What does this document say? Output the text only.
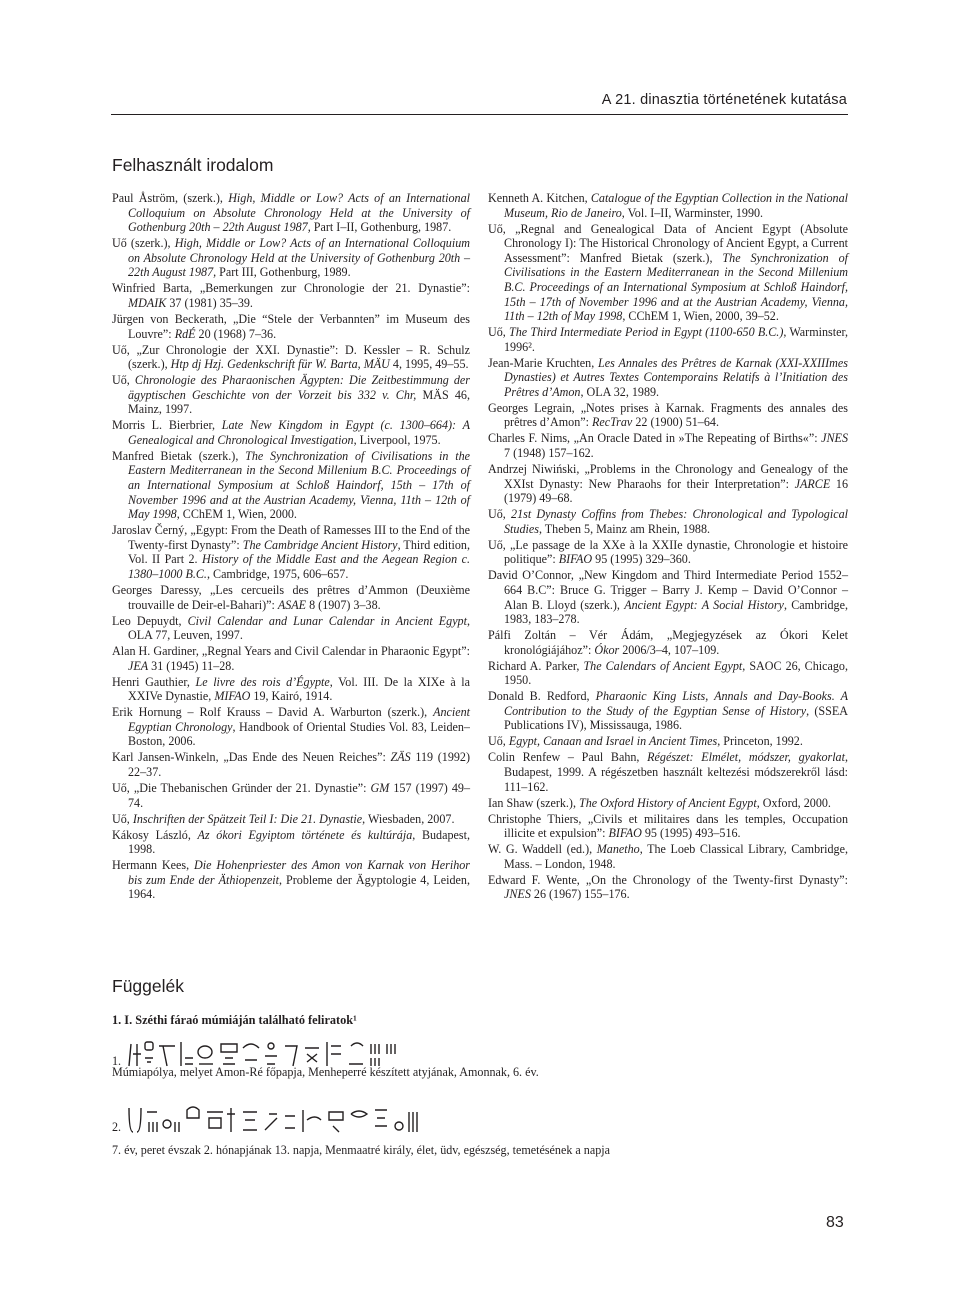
A 21. dinasztia történetének kutatása
Felhasznált irodalom

Paul Åström, (szerk.), High, Middle or Low? Acts of an International Colloquium on Absolute Chronology Held at the University of Gothenburg 20th – 22th August 1987, Part I–II, Gothenburg, 1987.

Uő (szerk.), High, Middle or Low? Acts of an International Colloquium on Absolute Chronology Held at the University of Gothenburg 20th – 22th August 1987, Part III, Gothenburg, 1989.

Winfried Barta, „Bemerkungen zur Chronologie der 21. Dynastie”: MDAIK 37 (1981) 35–39.

Jürgen von Beckerath, „Die “Stele der Verbannten” im Museum des Louvre”: RdÉ 20 (1968) 7–36.

Uő, „Zur Chronologie der XXI. Dynastie”: D. Kessler – R. Schulz (szerk.), Htp dj Hzj. Gedenkschrift für W. Barta, MÄU 4, 1995, 49–55.

Uő, Chronologie des Pharaonischen Ägypten: Die Zeitbestimmung der ägyptischen Geschichte von der Vorzeit bis 332 v. Chr, MÄS 46, Mainz, 1997.

Morris L. Bierbrier, Late New Kingdom in Egypt (c. 1300–664): A Genealogical and Chronological Investigation, Liverpool, 1975.

Manfred Bietak (szerk.), The Synchronization of Civilisations in the Eastern Mediterranean in the Second Millenium B.C. Proceedings of an International Symposium at Schloß Haindorf, 15th – 17th of November 1996 and at the Austrian Academy, Vienna, 11th – 12th of May 1998, CChEM 1, Wien, 2000.

Jaroslav Černý, „Egypt: From the Death of Ramesses III to the End of the Twenty-first Dynasty”: The Cambridge Ancient History, Third edition, Vol. II Part 2. History of the Middle East and the Aegean Region c. 1380–1000 B.C., Cambridge, 1975, 606–657.

Georges Daressy, „Les cercueils des prêtres d’Ammon (Deuxième trouvaille de Deir-el-Bahari)”: ASAE 8 (1907) 3–38.

Leo Depuydt, Civil Calendar and Lunar Calendar in Ancient Egypt, OLA 77, Leuven, 1997.

Alan H. Gardiner, „Regnal Years and Civil Calendar in Pharaonic Egypt”: JEA 31 (1945) 11–28.

Henri Gauthier, Le livre des rois d’Égypte, Vol. III. De la XIXe à la XXIVe Dynastie, MIFAO 19, Kairó, 1914.

Erik Hornung – Rolf Krauss – David A. Warburton (szerk.), Ancient Egyptian Chronology, Handbook of Oriental Studies Vol. 83, Leiden–Boston, 2006.

Karl Jansen-Winkeln, „Das Ende des Neuen Reiches”: ZÄS 119 (1992) 22–37.

Uő, „Die Thebanischen Gründer der 21. Dynastie”: GM 157 (1997) 49–74.

Uő, Inschriften der Spätzeit Teil I: Die 21. Dynastie, Wiesbaden, 2007.

Kákosy László, Az ókori Egyiptom története és kultúrája, Budapest, 1998.

Hermann Kees, Die Hohenpriester des Amon von Karnak von Herihor bis zum Ende der Äthiopenzeit, Probleme der Ägyptologie 4, Leiden, 1964.

Kenneth A. Kitchen, Catalogue of the Egyptian Collection in the National Museum, Rio de Janeiro, Vol. I–II, Warminster, 1990.

Uő, „Regnal and Genealogical Data of Ancient Egypt (Absolute Chronology I): The Historical Chronology of Ancient Egypt, a Current Assessment”: Manfred Bietak (szerk.), The Synchronization of Civilisations in the Eastern Mediterranean in the Second Millenium B.C. Proceedings of an International Symposium at Schloß Haindorf, 15th – 17th of November 1996 and at the Austrian Academy, Vienna, 11th – 12th of May 1998, CChEM 1, Wien, 2000, 39–52.

Uő, The Third Intermediate Period in Egypt (1100-650 B.C.), Warminster, 1996².

Jean-Marie Kruchten, Les Annales des Prêtres de Karnak (XXI-XXIIImes Dynasties) et Autres Textes Contemporains Relatifs à l’Initiation des Prêtres d’Amon, OLA 32, 1989.

Georges Legrain, „Notes prises à Karnak. Fragments des annales des prêtres d’Amon”: RecTrav 22 (1900) 51–64.

Charles F. Nims, „An Oracle Dated in »The Repeating of Births«”: JNES 7 (1948) 157–162.

Andrzej Niwiński, „Problems in the Chronology and Genealogy of the XXIst Dynasty: New Pharaohs for their Interpretation”: JARCE 16 (1979) 49–68.

Uő, 21st Dynasty Coffins from Thebes: Chronological and Typological Studies, Theben 5, Mainz am Rhein, 1988.

Uő, „Le passage de la XXe à la XXIIe dynastie, Chronologie et histoire politique”: BIFAO 95 (1995) 329–360.

David O’Connor, „New Kingdom and Third Intermediate Period 1552–664 B.C”: Bruce G. Trigger – Barry J. Kemp – David O’Connor – Alan B. Lloyd (szerk.), Ancient Egypt: A Social History, Cambridge, 1983, 183–278.

Pálfi Zoltán – Vér Ádám, „Megjegyzések az Ókori Kelet kronológiájához”: Ókor 2006/3–4, 107–109.

Richard A. Parker, The Calendars of Ancient Egypt, SAOC 26, Chicago, 1950.

Donald B. Redford, Pharaonic King Lists, Annals and Day-Books. A Contribution to the Study of the Egyptian Sense of History, (SSEA Publications IV), Mississauga, 1986.

Uő, Egypt, Canaan and Israel in Ancient Times, Princeton, 1992.

Colin Renfew – Paul Bahn, Régészet: Elmélet, módszer, gyakorlat, Budapest, 1999. A régészetben használt keltezési módszerekről lásd: 111–162.

Ian Shaw (szerk.), The Oxford History of Ancient Egypt, Oxford, 2000.

Christophe Thiers, „Civils et militaires dans les temples, Occupation illicite et expulsion”: BIFAO 95 (1995) 493–516.

W. G. Waddell (ed.), Manetho, The Loeb Classical Library, Cambridge, Mass. – London, 1948.

Edward F. Wente, „On the Chronology of the Twenty-first Dynasty”: JNES 26 (1967) 155–176.

Függelék

1. I. Széthi fáraó múmiáján található feliratok¹

1.

Múmiapólya, melyet Amon-Ré főpapja, Menheperré készített atyjának, Amonnak, 6. év.

2.

7. év, peret évszak 2. hónapjának 13. napja, Menmaatré király, élet, üdv, egészség, temetésének a napja

83
